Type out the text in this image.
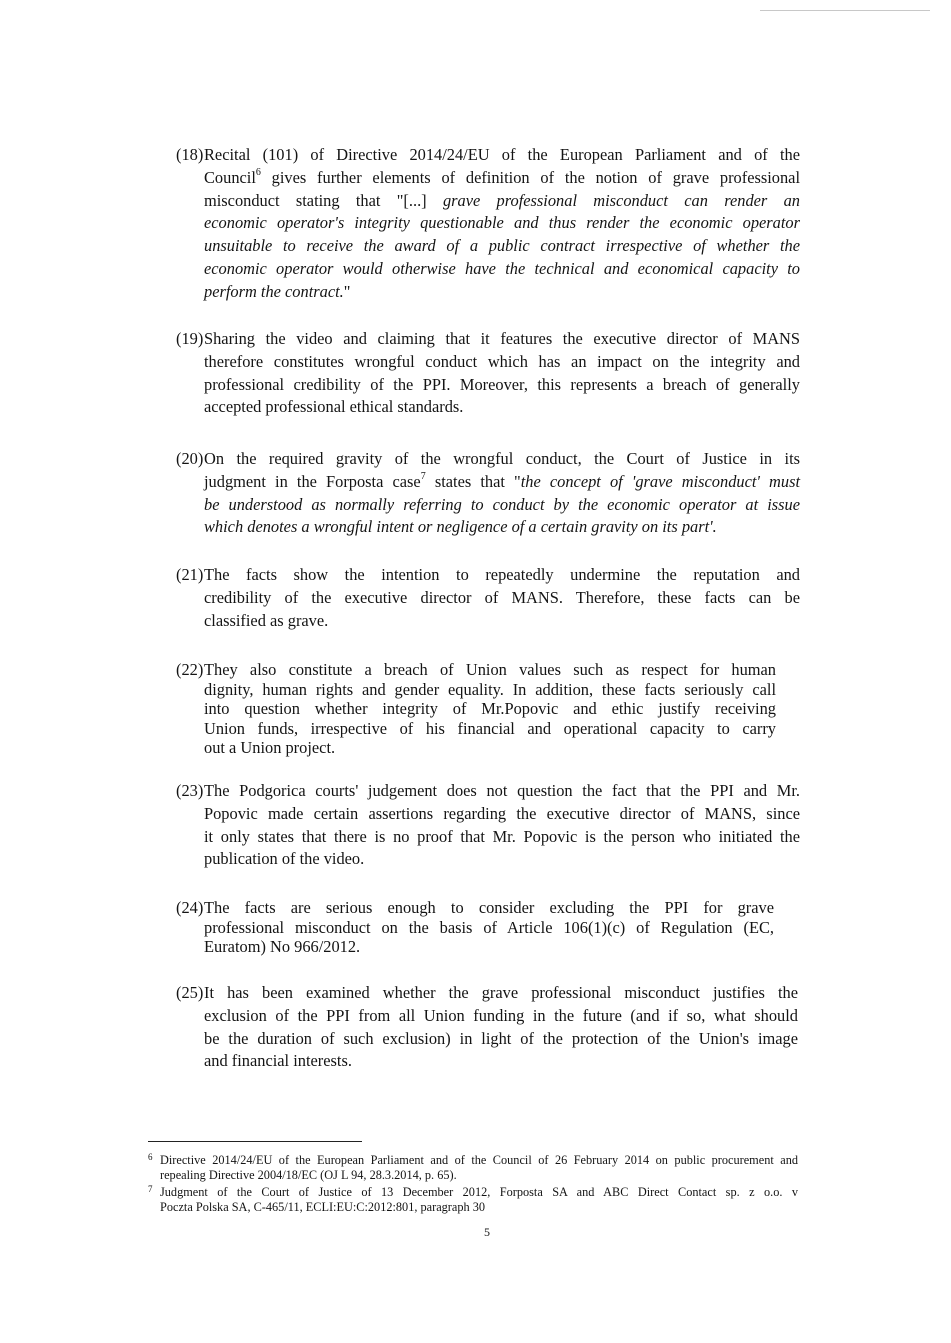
(18) Recital (101) of Directive 2014/24/EU of the European Parliament and of the
Council$^6$ gives further elements of definition of the notion of grave professional
misconduct stating that "[...] grave professional misconduct can render an
economic operator's integrity questionable and thus render the economic operator
unsuitable to receive the award of a public contract irrespective of whether the
economic operator would otherwise have the technical and economical capacity to
perform the contract."
(19) Sharing the video and claiming that it features the executive director of MANS
therefore constitutes wrongful conduct which has an impact on the integrity and
professional credibility of the PPI. Moreover, this represents a breach of generally
accepted professional ethical standards.
(20) On the required gravity of the wrongful conduct, the Court of Justice in its
judgment in the Forposta case$^7$ states that "the concept of 'grave misconduct' must
be understood as normally referring to conduct by the economic operator at issue
which denotes a wrongful intent or negligence of a certain gravity on its part'.
(21) The facts show the intention to repeatedly undermine the reputation and
credibility of the executive director of MANS. Therefore, these facts can be
classified as grave.
(22) They also constitute a breach of Union values such as respect for human
dignity, human rights and gender equality. In addition, these facts seriously call
into question whether integrity of Mr.Popovic and ethic justify receiving
Union funds, irrespective of his financial and operational capacity to carry
out a Union project.
(23) The Podgorica courts' judgement does not question the fact that the PPI and Mr.
Popovic made certain assertions regarding the executive director of MANS, since
it only states that there is no proof that Mr. Popovic is the person who initiated the
publication of the video.
(24) The facts are serious enough to consider excluding the PPI for grave
professional misconduct on the basis of Article 106(1)(c) of Regulation (EC,
Euratom) No 966/2012.
(25) It has been examined whether the grave professional misconduct justifies the
exclusion of the PPI from all Union funding in the future (and if so, what should
be the duration of such exclusion) in light of the protection of the Union's image
and financial interests.
6 Directive 2014/24/EU of the European Parliament and of the Council of 26 February 2014 on public procurement and
repealing Directive 2004/18/EC (OJ L 94, 28.3.2014, p. 65).
7 Judgment of the Court of Justice of 13 December 2012, Forposta SA and ABC Direct Contact sp. z o.o. v
Poczta Polska SA, C-465/11, ECLI:EU:C:2012:801, paragraph 30
5
